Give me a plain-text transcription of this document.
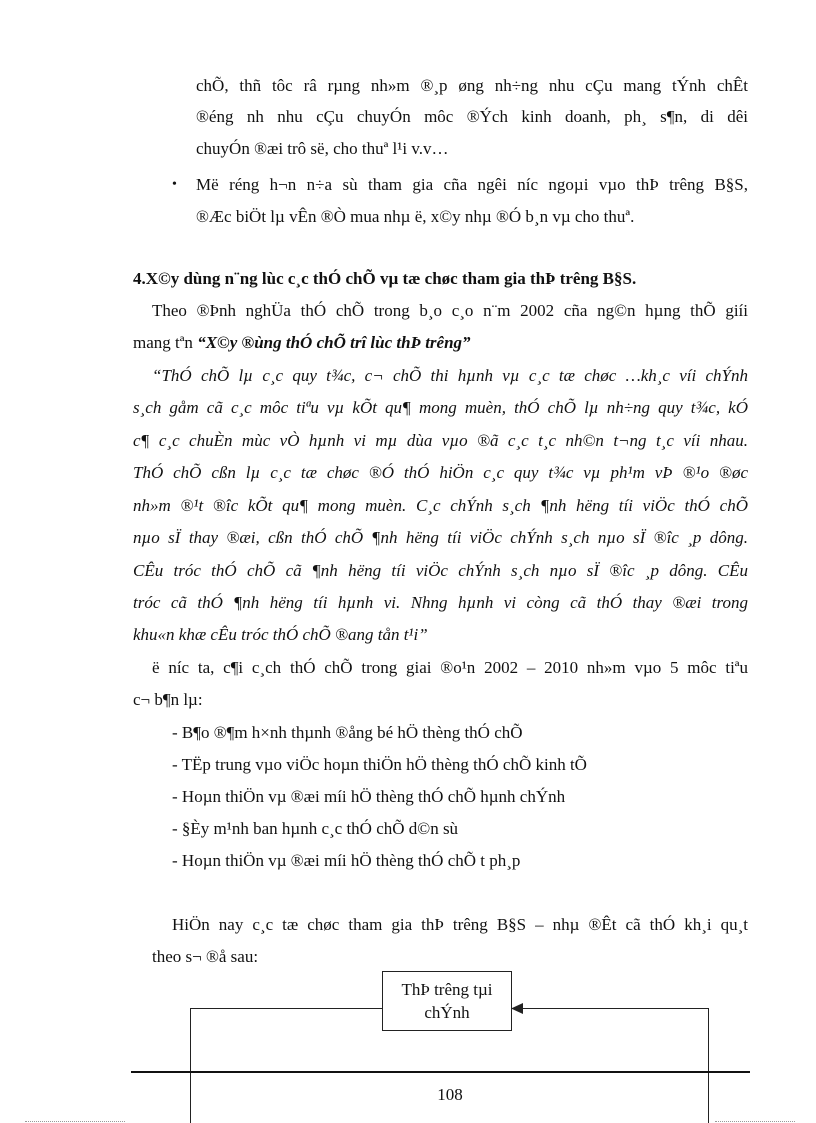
chÕ, thñ tôc râ rµng nh»m ®¸p øng nh÷ng nhu cÇu mang tÝnh chÊt
®éng nh nhu cÇu chuyÓn môc ®Ých kinh doanh, ph¸ s¶n, di dêi
chuyÓn ®æi trô së, cho thuª l¹i v.v…
• Më réng h¬n n÷a sù tham gia cña ngêi níc ngoµi vµo thÞ trêng B§S,
®Æc biÖt lµ vÊn ®Ò mua nhµ ë, x©y nhµ ®Ó b¸n vµ cho thuª.
4.X©y dùng n¨ng lùc c¸c thÓ chÕ vµ tæ chøc tham gia thÞ trêng B§S.
Theo ®Þnh nghÜa thÓ chÕ trong b¸o c¸o n¨m 2002 cña ng©n hµng thÕ giíi
mang tªn “X©y ®ùng thÓ chÕ trî lùc thÞ trêng”
“ThÓ chÕ lµ c¸c quy t¾c, c¬ chÕ thi hµnh vµ c¸c tæ chøc …kh¸c víi chÝnh
s¸ch gåm cã c¸c môc tiªu vµ kÕt qu¶ mong muèn, thÓ chÕ lµ nh÷ng quy t¾c, kÓ
c¶ c¸c chuÈn mùc vÒ hµnh vi mµ dùa vµo ®ã c¸c t¸c nh©n t¬ng t¸c víi nhau.
ThÓ chÕ cßn lµ c¸c tæ chøc ®Ó thÓ hiÖn c¸c quy t¾c vµ ph¹m vÞ ®¹o ®øc
nh»m ®¹t ®îc kÕt qu¶ mong muèn. C¸c chÝnh s¸ch ¶nh hëng tíi viÖc thÓ chÕ
nµo sÏ thay ®æi, cßn thÓ chÕ ¶nh hëng tíi viÖc chÝnh s¸ch nµo sÏ ®îc ¸p dông.
CÊu tróc thÓ chÕ cã ¶nh hëng tíi viÖc chÝnh s¸ch nµo sÏ ®îc ¸p dông. CÊu
tróc cã thÓ ¶nh hëng tíi hµnh vi. Nhng hµnh vi còng cã thÓ thay ®æi trong
khu«n khæ cÊu tróc thÓ chÕ ®ang tån t¹i”
ë níc ta, c¶i c¸ch thÓ chÕ trong giai ®o¹n 2002 – 2010 nh»m vµo 5 môc tiªu
c¬ b¶n lµ:
- B¶o ®¶m h×nh thµnh ®ång bé hÖ thèng thÓ chÕ
- TËp trung vµo viÖc hoµn thiÖn hÖ thèng thÓ chÕ kinh tÕ
- Hoµn thiÖn vµ ®æi míi hÖ thèng thÓ chÕ hµnh chÝnh
- §Èy m¹nh ban hµnh c¸c thÓ chÕ d©n sù
- Hoµn thiÖn vµ ®æi míi hÖ thèng thÓ chÕ t ph¸p
HiÖn nay c¸c tæ chøc tham gia thÞ trêng B§S – nhµ ®Êt cã thÓ kh¸i qu¸t
theo s¬ ®å sau:
ThÞ trêng tµi
chÝnh
108
